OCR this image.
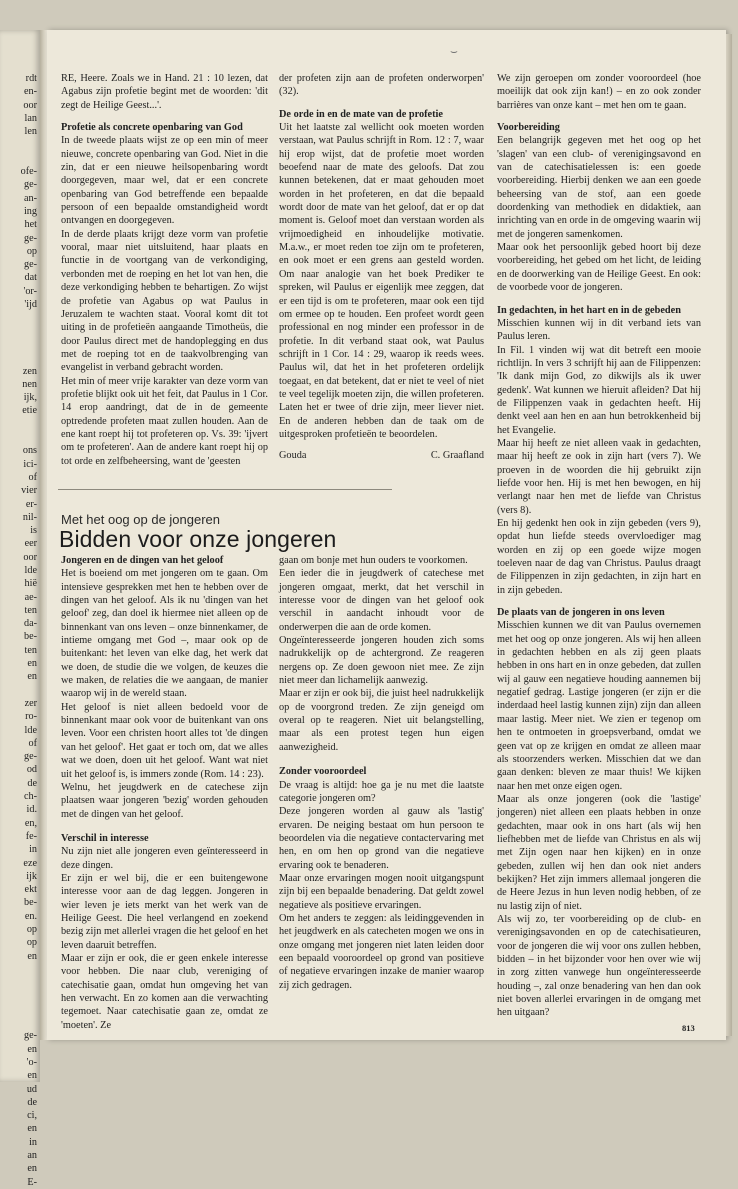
rdt
en-
oor
lan
len

ofe-
ge-
an-
ing
het
ge-
op
ge-
dat
'or-
'ijd

zen
nen
ijk,
etie

ons
ici-
of
vier
er-
nil-
is
eer
oor
lde
hië
ae-
ten
da-
be-
ten
en
en

zer
ro-
lde
of
ge-
od
de
ch-
id.
en,
fe-
in
eze
ijk
ekt
be-
en.
op
op
en

ge-
en
'o-
en
ud
de
ci,
en
in
an
en
E-
⌣

RE, Heere. Zoals we in Hand. 21 : 10 lezen, dat Agabus zijn profetie begint met de woorden: 'dit zegt de Heilige Geest...'.

Profetie als concrete openbaring van God

In de tweede plaats wijst ze op een min of meer nieuwe, concrete openbaring van God. Niet in die zin, dat er een nieuwe heilsopenbaring wordt doorgegeven, maar wel, dat er een concrete openbaring van God betreffende een bepaalde persoon of een bepaalde omstandigheid wordt ontvangen en doorgegeven.

In de derde plaats krijgt deze vorm van profetie vooral, maar niet uitsluitend, haar plaats en functie in de voortgang van de verkondiging, verbonden met de roeping en het lot van hen, die deze verkondiging hebben te behartigen. Zo wijst de profetie van Agabus op wat Paulus in Jeruzalem te wachten staat. Vooral komt dit tot uiting in de profetieën aangaande Timotheüs, die door Paulus direct met de handoplegging en dus met de roeping tot en de taakvolbrenging van evangelist in verband gebracht worden.

Het min of meer vrije karakter van deze vorm van profetie blijkt ook uit het feit, dat Paulus in 1 Cor. 14 erop aandringt, dat de in de gemeente optredende profeten maat zullen houden. Aan de ene kant roept hij tot profeteren op. Vs. 39: 'ijvert om te profeteren'. Aan de andere kant roept hij op tot orde en zelfbeheersing, want de 'geesten

der profeten zijn aan de profeten onderworpen' (32).

De orde in en de mate van de profetie

Uit het laatste zal wellicht ook moeten worden verstaan, wat Paulus schrijft in Rom. 12 : 7, waar hij erop wijst, dat de profetie moet worden beoefend naar de mate des geloofs. Dat zou kunnen betekenen, dat er maat gehouden moet worden in het profeteren, en dat die bepaald wordt door de mate van het geloof, dat er op dat moment is. Geloof moet dan verstaan worden als vrijmoedigheid en inhoudelijke motivatie. M.a.w., er moet reden toe zijn om te profeteren, en ook moet er een grens aan gesteld worden. Om naar analogie van het boek Prediker te spreken, wil Paulus er eigenlijk mee zeggen, dat er een tijd is om te profeteren, maar ook een tijd om ermee op te houden. Een profeet wordt geen professional en nog minder een professor in de profetie. In dit verband staat ook, wat Paulus schrijft in 1 Cor. 14 : 29, waarop ik reeds wees. Paulus wil, dat het in het profeteren ordelijk toegaat, en dat betekent, dat er niet te veel of niet te veel tegelijk moeten zijn, die willen profeteren. Laten het er twee of drie zijn, meer liever niet. En de anderen hebben dan de taak om de uitgesproken profetieën te beoordelen.

Gouda	C. Graafland
Met het oog op de jongeren
Bidden voor onze jongeren
Jongeren en de dingen van het geloof

Het is boeiend om met jongeren om te gaan. Om intensieve gesprekken met hen te hebben over de dingen van het geloof. Als ik nu 'dingen van het geloof' zeg, dan doel ik hiermee niet alleen op de binnenkant van ons leven – onze binnenkamer, de intieme omgang met God –, maar ook op de buitenkant: het leven van elke dag, het werk dat we doen, de studie die we volgen, de keuzes die we maken, de relaties die we aangaan, de manier waarop wij in de wereld staan.

Het geloof is niet alleen bedoeld voor de binnenkant maar ook voor de buitenkant van ons leven. Voor een christen hoort alles tot 'de dingen van het geloof'. Het gaat er toch om, dat we alles wat we doen, doen uit het geloof. Want wat niet uit het geloof is, is immers zonde (Rom. 14 : 23).

Welnu, het jeugdwerk en de catechese zijn plaatsen waar jongeren 'bezig' worden gehouden met de dingen van het geloof.

Verschil in interesse

Nu zijn niet alle jongeren even geïnteresseerd in deze dingen.

Er zijn er wel bij, die er een buitengewone interesse voor aan de dag leggen. Jongeren in wier leven je iets merkt van het werk van de Heilige Geest. Die heel verlangend en zoekend bezig zijn met allerlei vragen die het geloof en het leven daaruit betreffen.

Maar er zijn er ook, die er geen enkele interesse voor hebben. Die naar club, vereniging of catechisatie gaan, omdat hun omgeving het van hen verwacht. En zo komen aan die verwachting tegemoet. Naar catechisatie gaan ze, omdat ze 'moeten'. Ze

gaan om bonje met hun ouders te voorkomen.

Een ieder die in jeugdwerk of catechese met jongeren omgaat, merkt, dat het verschil in interesse voor de dingen van het geloof ook verschil in aandacht inhoudt voor de onderwerpen die aan de orde komen.

Ongeïnteresseerde jongeren houden zich soms nadrukkelijk op de achtergrond. Ze reageren nergens op. Ze doen gewoon niet mee. Ze zijn niet meer dan lichamelijk aanwezig.

Maar er zijn er ook bij, die juist heel nadrukkelijk op de voorgrond treden. Ze zijn geneigd om overal op te reageren. Niet uit belangstelling, maar als een protest tegen hun eigen aanwezigheid.

Zonder vooroordeel

De vraag is altijd: hoe ga je nu met die laatste categorie jongeren om?

Deze jongeren worden al gauw als 'lastig' ervaren. De neiging bestaat om hun persoon te beoordelen via die negatieve contactervaring met hen, en om hen op grond van die negatieve ervaring ook te benaderen.

Maar onze ervaringen mogen nooit uitgangspunt zijn bij een bepaalde benadering. Dat geldt zowel negatieve als positieve ervaringen.

Om het anders te zeggen: als leidinggevenden in het jeugdwerk en als catecheten mogen we ons in onze omgang met jongeren niet laten leiden door een bepaald vooroordeel op grond van positieve of negatieve ervaringen inzake de manier waarop zij zich gedragen.

We zijn geroepen om zonder vooroordeel (hoe moeilijk dat ook zijn kan!) – en zo ook zonder barrières van onze kant – met hen om te gaan.

Voorbereiding

Een belangrijk gegeven met het oog op het 'slagen' van een club- of verenigingsavond en van de catechisatielessen is: een goede voorbereiding. Hierbij denken we aan een goede beheersing van de stof, aan een goede doordenking van methodiek en didaktiek, aan inrichting van en orde in de omgeving waarin wij met de jongeren samenkomen.

Maar ook het persoonlijk gebed hoort bij deze voorbereiding, het gebed om het licht, de leiding en de doorwerking van de Heilige Geest. En ook: de voorbede voor de jongeren.

In gedachten, in het hart en in de gebeden

Misschien kunnen wij in dit verband iets van Paulus leren.

In Fil. 1 vinden wij wat dit betreft een mooie richtlijn. In vers 3 schrijft hij aan de Filippenzen: 'Ik dank mijn God, zo dikwijls als ik uwer gedenk'. Wat kunnen we hieruit afleiden? Dat hij de Filippenzen vaak in gedachten heeft. Hij denkt veel aan hen en aan hun betrokkenheid bij het Evangelie.

Maar hij heeft ze niet alleen vaak in gedachten, maar hij heeft ze ook in zijn hart (vers 7). We proeven in de woorden die hij gebruikt zijn liefde voor hen. Hij is met hen bewogen, en hij verlangt naar hen met de liefde van Christus (vers 8).

En hij gedenkt hen ook in zijn gebeden (vers 9), opdat hun liefde steeds overvloediger mag worden en zij op een goede wijze mogen toeleven naar de dag van Christus. Paulus draagt de Filippenzen in zijn gedachten, in zijn hart en in zijn gebeden.

De plaats van de jongeren in ons leven

Misschien kunnen we dit van Paulus overnemen met het oog op onze jongeren. Als wij hen alleen in gedachten hebben en als zij geen plaats hebben in ons hart en in onze gebeden, dat zullen wij al gauw een negatieve houding aannemen bij negatief gedrag. Lastige jongeren (er zijn er die inderdaad heel lastig kunnen zijn) zijn dan alleen maar lastig. Meer niet. We zien er tegenop om hen te ontmoeten in groepsverband, omdat we geen vat op ze krijgen en omdat ze alleen maar als stoorzenders werken. Misschien dat we dan gaan denken: bleven ze maar thuis! We kijken naar hen met onze eigen ogen.

Maar als onze jongeren (ook die 'lastige' jongeren) niet alleen een plaats hebben in onze gedachten, maar ook in ons hart (als wij hen liefhebben met de liefde van Christus en als wij met Zijn ogen naar hen kijken) en in onze gebeden, zullen wij hen dan ook niet anders bekijken? Het zijn immers allemaal jongeren die de Heere Jezus in hun leven nodig hebben, of ze nu lastig zijn of niet.

Als wij zo, ter voorbereiding op de club- en verenigingsavonden en op de catechisatieuren, voor de jongeren die wij voor ons zullen hebben, bidden – in het bijzonder voor hen over wie wij in zorg zitten vanwege hun ongeïnteresseerde houding –, zal onze benadering van hen dan ook niet boven allerlei ervaringen in de omgang met hen uitgaan?

813
